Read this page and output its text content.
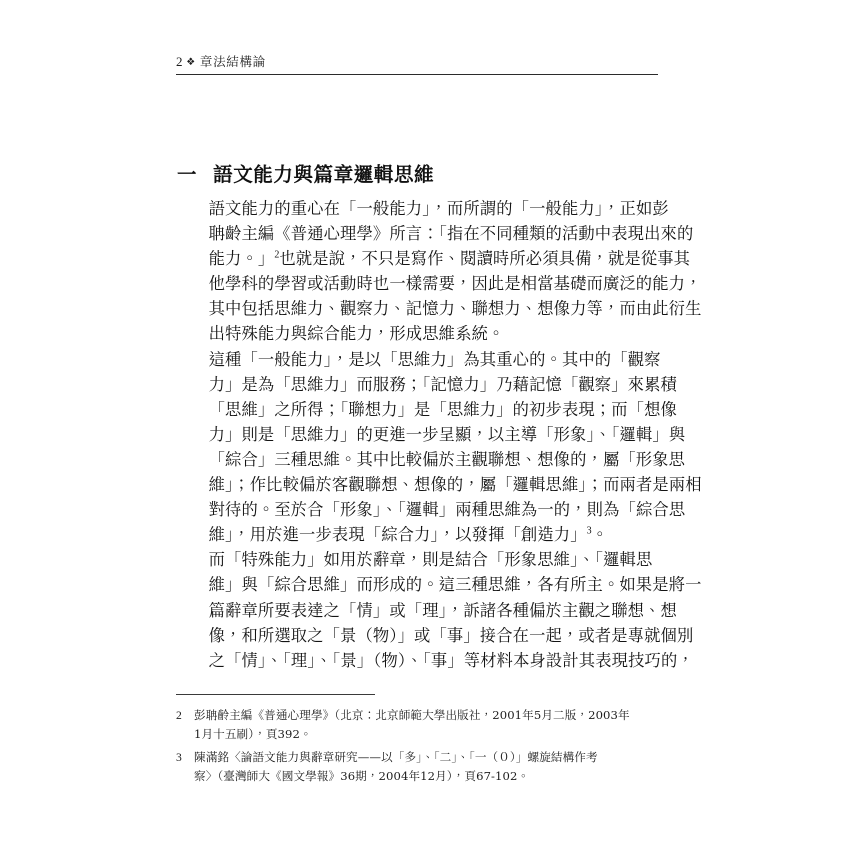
2 ❖ 章法結構論
一 語文能力與篇章邏輯思維

語文能力的重心在「一般能力」，而所謂的「一般能力」，正如彭
聃齡主編《普通心理學》所言：「指在不同種類的活動中表現出來的
能力。」$^2$也就是說，不只是寫作、閱讀時所必須具備，就是從事其
他學科的學習或活動時也一樣需要，因此是相當基礎而廣泛的能力，
其中包括思維力、觀察力、記憶力、聯想力、想像力等，而由此衍生
出特殊能力與綜合能力，形成思維系統。

這種「一般能力」，是以「思維力」為其重心的。其中的「觀察
力」是為「思維力」而服務；「記憶力」乃藉記憶「觀察」來累積
「思維」之所得；「聯想力」是「思維力」的初步表現；而「想像
力」則是「思維力」的更進一步呈顯，以主導「形象」、「邏輯」與
「綜合」三種思維。其中比較偏於主觀聯想、想像的，屬「形象思
維」；作比較偏於客觀聯想、想像的，屬「邏輯思維」；而兩者是兩相
對待的。至於合「形象」、「邏輯」兩種思維為一的，則為「綜合思
維」，用於進一步表現「綜合力」，以發揮「創造力」$^3$。

而「特殊能力」如用於辭章，則是結合「形象思維」、「邏輯思
維」與「綜合思維」而形成的。這三種思維，各有所主。如果是將一
篇辭章所要表達之「情」或「理」，訴諸各種偏於主觀之聯想、想
像，和所選取之「景（物）」或「事」接合在一起，或者是專就個別
之「情」、「理」、「景」（物）、「事」等材料本身設計其表現技巧的，

2	彭聃齡主編《普通心理學》（北京：北京師範大學出版社，2001年5月二版，2003年
1月十五刷），頁392。
3	陳滿銘〈論語文能力與辭章研究——以「多」、「二」、「一（０）」螺旋結構作考
察〉（臺灣師大《國文學報》36期，2004年12月），頁67-102。
